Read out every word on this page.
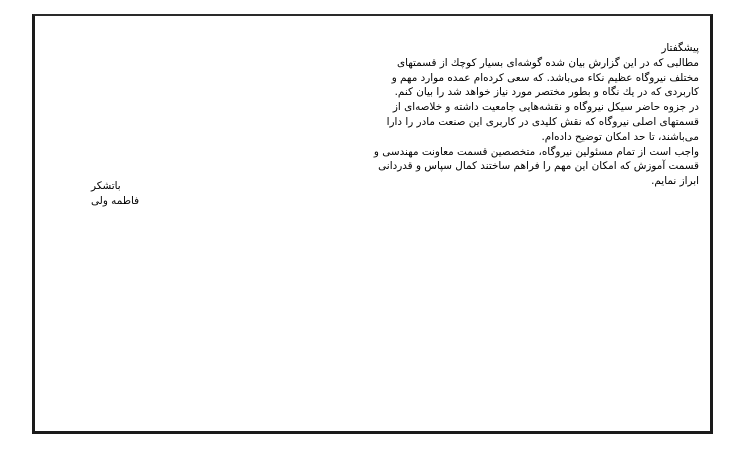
پیشگفتار
مطالبی که در این گزارش بیان شده گوشه‌ای بسیار کوچك از قسمتهای
مختلف نیروگاه عظیم نکاء می‌باشد. که سعی کرده‌ام عمده موارد مهم و
کاربردی که در یك نگاه و بطور مختصر مورد نیاز خواهد شد را بیان کنم.
در جزوه حاضر سیکل نیروگاه و نقشه‌هایی جامعیت داشته و خلاصه‌ای از
قسمتهای اصلی نیروگاه که نقش کلیدی در کاربری این صنعت مادر را دارا
می‌باشند، تا حد امکان توضیح داده‌ام.
واجب است از تمام مسئولین نیروگاه، متخصصین قسمت معاونت مهندسی و
قسمت آموزش که امکان این مهم را فراهم ساختند کمال سپاس و قدردانی
ابراز نمایم.
باتشکر
فاطمه ولی
